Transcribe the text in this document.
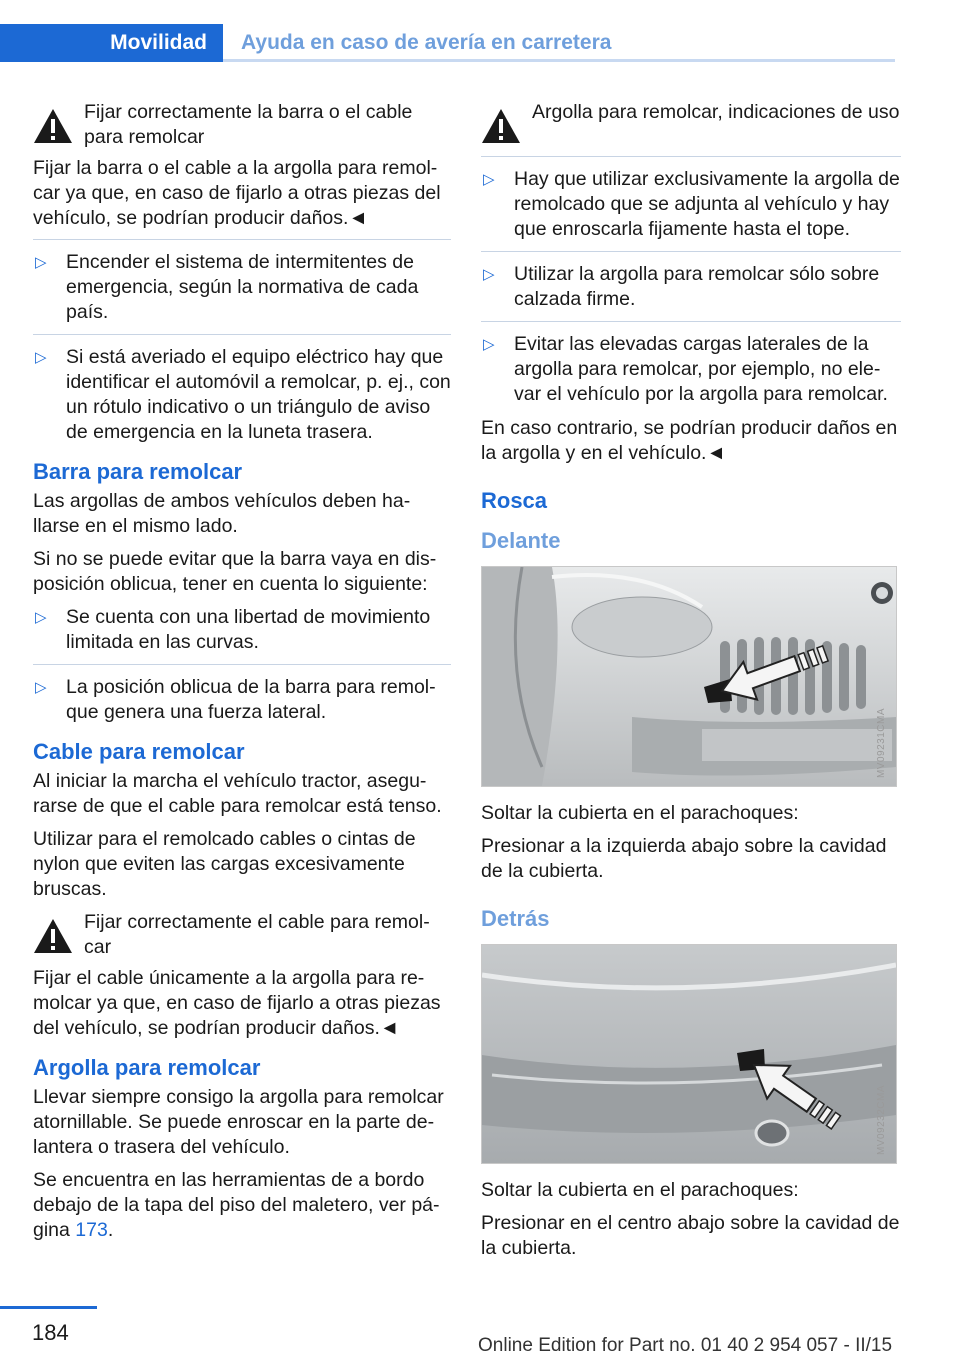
Movilidad	Ayuda en caso de avería en carretera
Fijar correctamente la barra o el cable para remolcar

Fijar la barra o el cable a la argolla para remol- car ya que, en caso de fijarlo a otras piezas del vehículo, se podrían producir daños.◄

▷ Encender el sistema de intermitentes de emergencia, según la normativa de cada país.
▷ Si está averiado el equipo eléctrico hay que identificar el automóvil a remolcar, p. ej., con un rótulo indicativo o un triángulo de aviso de emergencia en la luneta trasera.
Barra para remolcar

Las argollas de ambos vehículos deben ha- llarse en el mismo lado.

Si no se puede evitar que la barra vaya en dis- posición oblicua, tener en cuenta lo siguiente:

▷ Se cuenta con una libertad de movimiento limitada en las curvas.
▷ La posición oblicua de la barra para remol- que genera una fuerza lateral.
Cable para remolcar

Al iniciar la marcha el vehículo tractor, asegu- rarse de que el cable para remolcar está tenso.

Utilizar para el remolcado cables o cintas de nylon que eviten las cargas excesivamente bruscas.

Fijar correctamente el cable para remol- car

Fijar el cable únicamente a la argolla para re- molcar ya que, en caso de fijarlo a otras piezas del vehículo, se podrían producir daños.◄

Argolla para remolcar

Llevar siempre consigo la argolla para remolcar atornillable. Se puede enroscar en la parte de- lantera o trasera del vehículo.

Se encuentra en las herramientas de a bordo debajo de la tapa del piso del maletero, ver pá- gina 173.

Argolla para remolcar, indicaciones de uso
▷ Hay que utilizar exclusivamente la argolla de remolcado que se adjunta al vehículo y hay que enroscarla fijamente hasta el tope.
▷ Utilizar la argolla para remolcar sólo sobre calzada firme.
▷ Evitar las elevadas cargas laterales de la argolla para remolcar, por ejemplo, no ele- var el vehículo por la argolla para remolcar.

En caso contrario, se podrían producir daños en la argolla y en el vehículo.◄

Rosca
Delante
MV09231CMA

Soltar la cubierta en el parachoques:

Presionar a la izquierda abajo sobre la cavidad de la cubierta.

Detrás
MV09232CMA

Soltar la cubierta en el parachoques:

Presionar en el centro abajo sobre la cavidad de la cubierta.

184
Online Edition for Part no. 01 40 2 954 057 - II/15
